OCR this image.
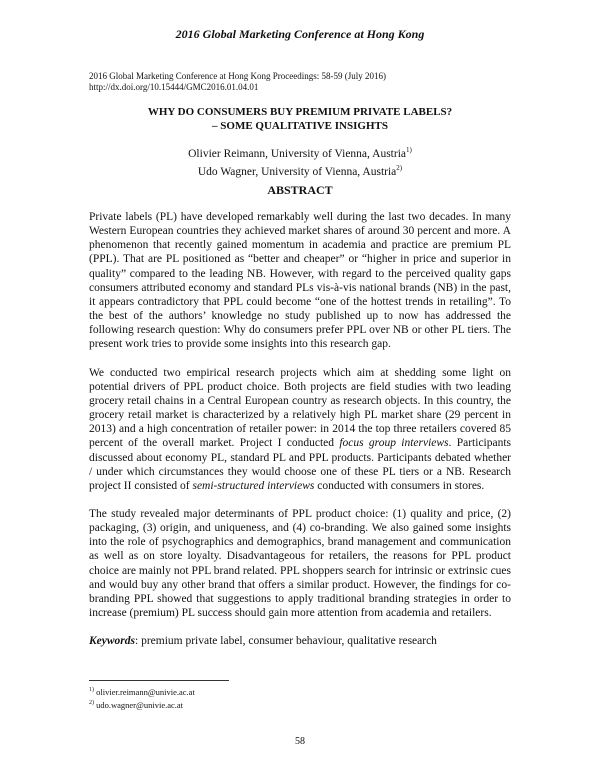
2016 Global Marketing Conference at Hong Kong
2016 Global Marketing Conference at Hong Kong Proceedings: 58-59 (July 2016)
http://dx.doi.org/10.15444/GMC2016.01.04.01
WHY DO CONSUMERS BUY PREMIUM PRIVATE LABELS?
– SOME QUALITATIVE INSIGHTS
Olivier Reimann, University of Vienna, Austria$^{1)}$
Udo Wagner, University of Vienna, Austria$^{2)}$
ABSTRACT

Private labels (PL) have developed remarkably well during the last two decades. In many Western European countries they achieved market shares of around 30 percent and more. A phenomenon that recently gained momentum in academia and practice are premium PL (PPL). That are PL positioned as “better and cheaper” or “higher in price and superior in quality” compared to the leading NB. However, with regard to the perceived quality gaps consumers attributed economy and standard PLs vis-à-vis national brands (NB) in the past, it appears contradictory that PPL could become “one of the hottest trends in retailing”. To the best of the authors’ knowledge no study published up to now has addressed the following research question: Why do consumers prefer PPL over NB or other PL tiers. The present work tries to provide some insights into this research gap.

We conducted two empirical research projects which aim at shedding some light on potential drivers of PPL product choice. Both projects are field studies with two leading grocery retail chains in a Central European country as research objects. In this country, the grocery retail market is characterized by a relatively high PL market share (29 percent in 2013) and a high concentration of retailer power: in 2014 the top three retailers covered 85 percent of the overall market. Project I conducted focus group interviews. Participants discussed about economy PL, standard PL and PPL products. Participants debated whether / under which circumstances they would choose one of these PL tiers or a NB. Research project II consisted of semi-structured interviews conducted with consumers in stores.

The study revealed major determinants of PPL product choice: (1) quality and price, (2) packaging, (3) origin, and uniqueness, and (4) co-branding. We also gained some insights into the role of psychographics and demographics, brand management and communication as well as on store loyalty. Disadvantageous for retailers, the reasons for PPL product choice are mainly not PPL brand related. PPL shoppers search for intrinsic or extrinsic cues and would buy any other brand that offers a similar product. However, the findings for co-branding PPL showed that suggestions to apply traditional branding strategies in order to increase (premium) PL success should gain more attention from academia and retailers.

Keywords: premium private label, consumer behaviour, qualitative research

$^{1)}$ olivier.reimann@univie.ac.at
$^{2)}$ udo.wagner@univie.ac.at
58
